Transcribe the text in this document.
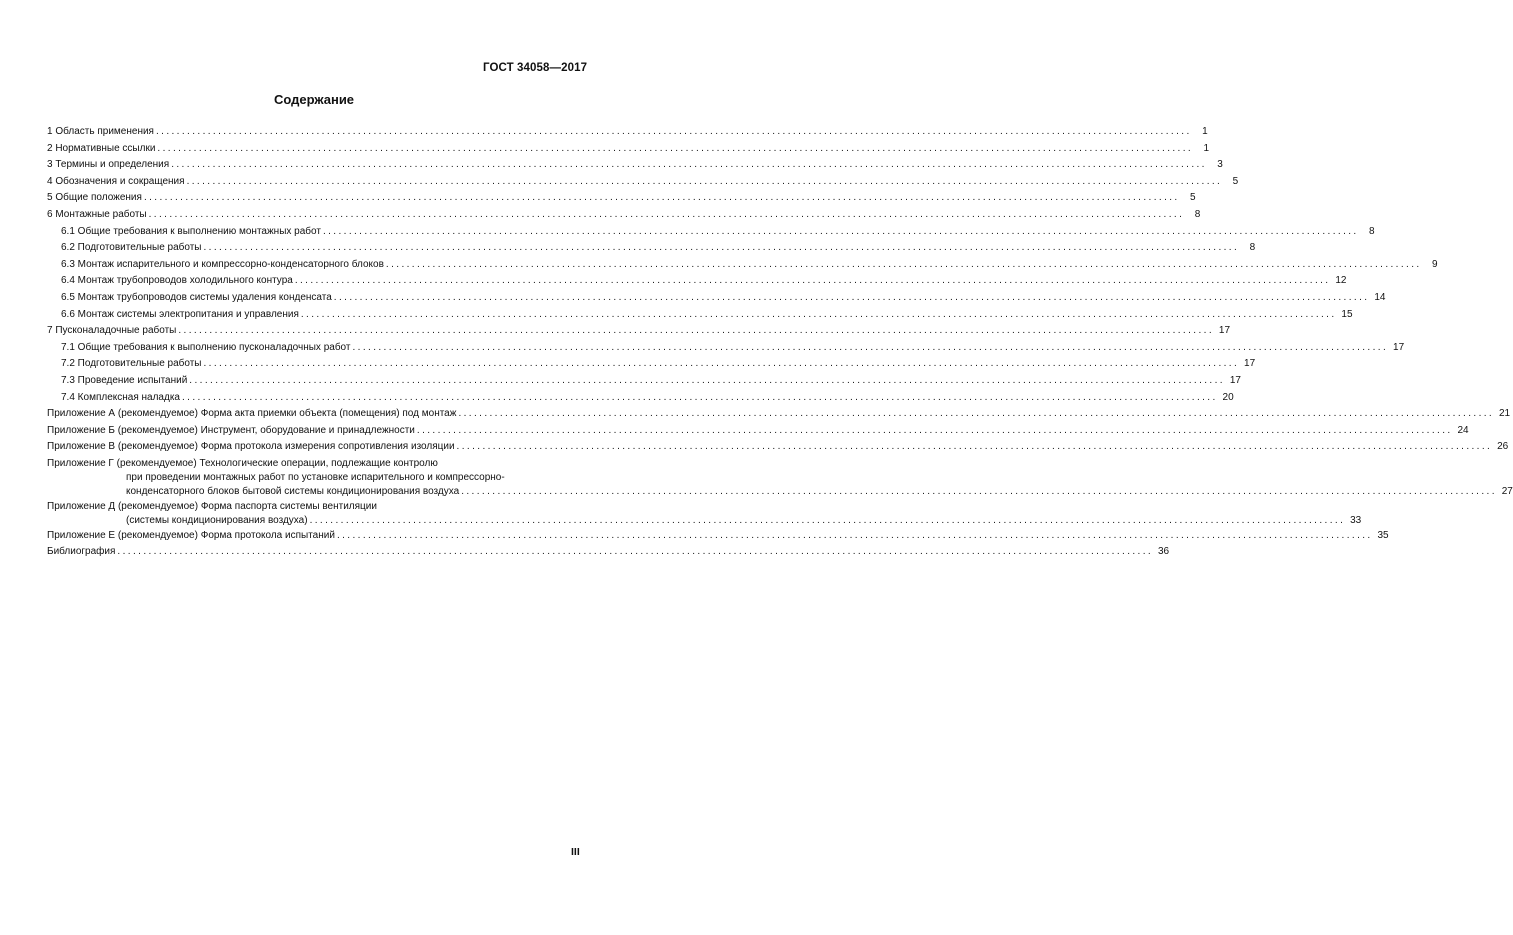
ГОСТ 34058—2017
Содержание
1 Область применения ........................................................................................................................................................................................................	1
2 Нормативные ссылки ........................................................................................................................................................................................................	1
3 Термины и определения ........................................................................................................................................................................................................	3
4 Обозначения и сокращения ........................................................................................................................................................................................................	5
5 Общие положения ........................................................................................................................................................................................................	5
6 Монтажные работы ........................................................................................................................................................................................................	8
6.1 Общие требования к выполнению монтажных работ ........................................................................................................................................................................................................	8
6.2 Подготовительные работы ........................................................................................................................................................................................................	8
6.3 Монтаж испарительного и компрессорно-конденсаторного блоков ........................................................................................................................................................................................................	9
6.4 Монтаж трубопроводов холодильного контура ........................................................................................................................................................................................................ 12
6.5 Монтаж трубопроводов системы удаления конденсата ........................................................................................................................................................................................................ 14
6.6 Монтаж системы электропитания и управления ........................................................................................................................................................................................................ 15
7 Пусконаладочные работы ........................................................................................................................................................................................................ 17
7.1 Общие требования к выполнению пусконаладочных работ ........................................................................................................................................................................................................ 17
7.2 Подготовительные работы ........................................................................................................................................................................................................ 17
7.3 Проведение испытаний ........................................................................................................................................................................................................ 17
7.4 Комплексная наладка ........................................................................................................................................................................................................ 20
Приложение А (рекомендуемое) Форма акта приемки объекта (помещения) под монтаж ........................................................................................................................................................................................................ 21
Приложение Б (рекомендуемое) Инструмент, оборудование и принадлежности ........................................................................................................................................................................................................ 24
Приложение В (рекомендуемое) Форма протокола измерения сопротивления изоляции ........................................................................................................................................................................................................ 26
Приложение Г (рекомендуемое) Технологические операции, подлежащие контролю
при проведении монтажных работ по установке испарительного и компрессорно-
конденсаторного блоков бытовой системы кондиционирования воздуха ........................................................................................................................................................................................................ 27
Приложение Д (рекомендуемое) Форма паспорта системы вентиляции
(системы кондиционирования воздуха) ........................................................................................................................................................................................................ 33
Приложение Е (рекомендуемое) Форма протокола испытаний ........................................................................................................................................................................................................ 35
Библиография ........................................................................................................................................................................................................ 36
III
